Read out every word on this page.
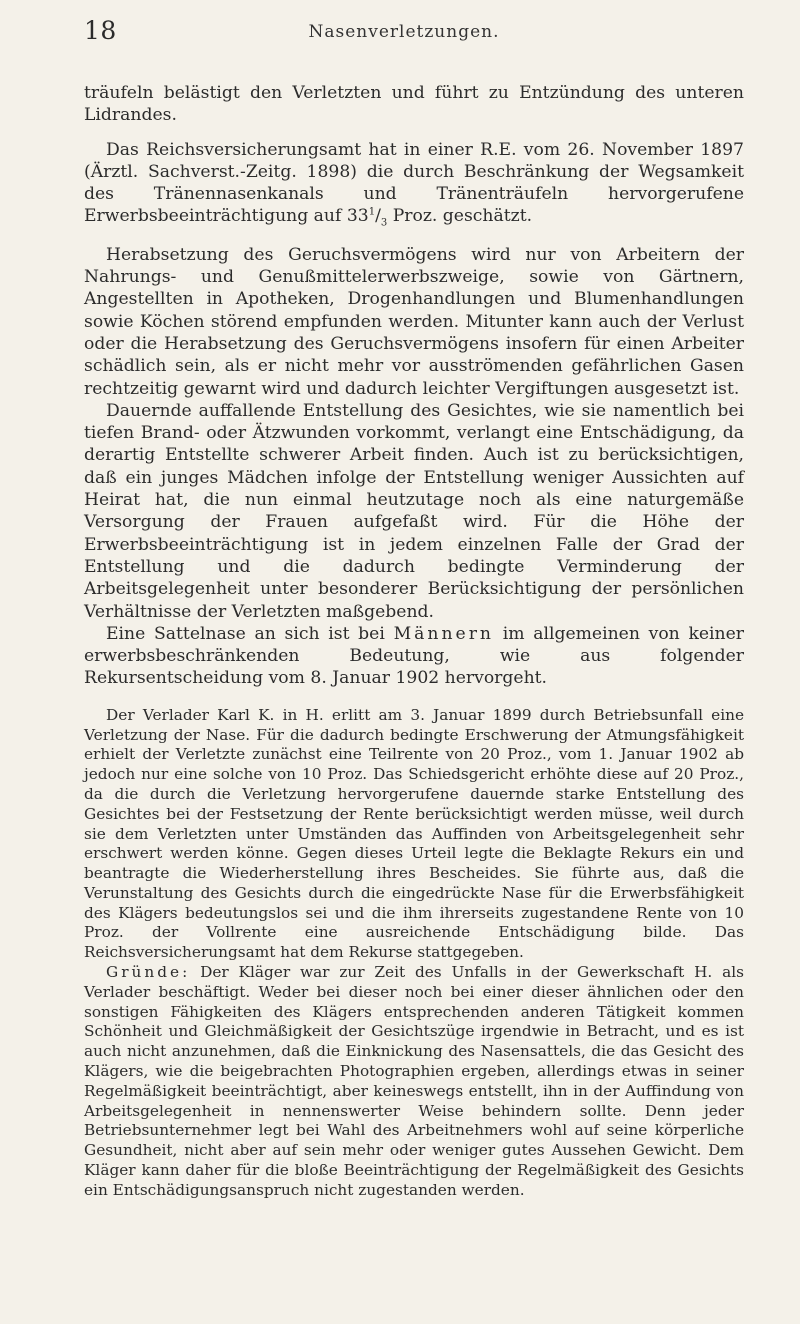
18	Nasenverletzungen.

träufeln belästigt den Verletzten und führt zu Entzündung des unteren Lidrandes.

Das Reichsversicherungsamt hat in einer R.E. vom 26. November 1897 (Ärztl. Sachverst.-Zeitg. 1898) die durch Beschränkung der Wegsamkeit des Tränennasenkanals und Tränenträufeln hervorgerufene Erwerbsbeeinträchtigung auf $33^1/_3$ Proz. geschätzt.

Herabsetzung des Geruchsvermögens wird nur von Arbeitern der Nahrungs- und Genußmittelerwerbszweige, sowie von Gärtnern, Angestellten in Apotheken, Drogenhandlungen und Blumenhandlungen sowie Köchen störend empfunden werden. Mitunter kann auch der Verlust oder die Herabsetzung des Geruchsvermögens insofern für einen Arbeiter schädlich sein, als er nicht mehr vor ausströmenden gefährlichen Gasen rechtzeitig gewarnt wird und dadurch leichter Vergiftungen ausgesetzt ist.

Dauernde auffallende Entstellung des Gesichtes, wie sie namentlich bei tiefen Brand- oder Ätzwunden vorkommt, verlangt eine Entschädigung, da derartig Entstellte schwerer Arbeit finden. Auch ist zu berücksichtigen, daß ein junges Mädchen infolge der Entstellung weniger Aussichten auf Heirat hat, die nun einmal heutzutage noch als eine naturgemäße Versorgung der Frauen aufgefaßt wird. Für die Höhe der Erwerbsbeeinträchtigung ist in jedem einzelnen Falle der Grad der Entstellung und die dadurch bedingte Verminderung der Arbeitsgelegenheit unter besonderer Berücksichtigung der persönlichen Verhältnisse der Verletzten maßgebend.

Eine Sattelnase an sich ist bei Männern im allgemeinen von keiner erwerbsbeschränkenden Bedeutung, wie aus folgender Rekursentscheidung vom 8. Januar 1902 hervorgeht.

Der Verlader Karl K. in H. erlitt am 3. Januar 1899 durch Betriebsunfall eine Verletzung der Nase. Für die dadurch bedingte Erschwerung der Atmungsfähigkeit erhielt der Verletzte zunächst eine Teilrente von 20 Proz., vom 1. Januar 1902 ab jedoch nur eine solche von 10 Proz. Das Schiedsgericht erhöhte diese auf 20 Proz., da die durch die Verletzung hervorgerufene dauernde starke Entstellung des Gesichtes bei der Festsetzung der Rente berücksichtigt werden müsse, weil durch sie dem Verletzten unter Umständen das Auffinden von Arbeitsgelegenheit sehr erschwert werden könne. Gegen dieses Urteil legte die Beklagte Rekurs ein und beantragte die Wiederherstellung ihres Bescheides. Sie führte aus, daß die Verunstaltung des Gesichts durch die eingedrückte Nase für die Erwerbsfähigkeit des Klägers bedeutungslos sei und die ihm ihrerseits zugestandene Rente von 10 Proz. der Vollrente eine ausreichende Entschädigung bilde. Das Reichsversicherungsamt hat dem Rekurse stattgegeben.

Gründe: Der Kläger war zur Zeit des Unfalls in der Gewerkschaft H. als Verlader beschäftigt. Weder bei dieser noch bei einer dieser ähnlichen oder den sonstigen Fähigkeiten des Klägers entsprechenden anderen Tätigkeit kommen Schönheit und Gleichmäßigkeit der Gesichtszüge irgendwie in Betracht, und es ist auch nicht anzunehmen, daß die Einknickung des Nasensattels, die das Gesicht des Klägers, wie die beigebrachten Photographien ergeben, allerdings etwas in seiner Regelmäßigkeit beeinträchtigt, aber keineswegs entstellt, ihn in der Auffindung von Arbeitsgelegenheit in nennenswerter Weise behindern sollte. Denn jeder Betriebsunternehmer legt bei Wahl des Arbeitnehmers wohl auf seine körperliche Gesundheit, nicht aber auf sein mehr oder weniger gutes Aussehen Gewicht. Dem Kläger kann daher für die bloße Beeinträchtigung der Regelmäßigkeit des Gesichts ein Entschädigungsanspruch nicht zugestanden werden.
